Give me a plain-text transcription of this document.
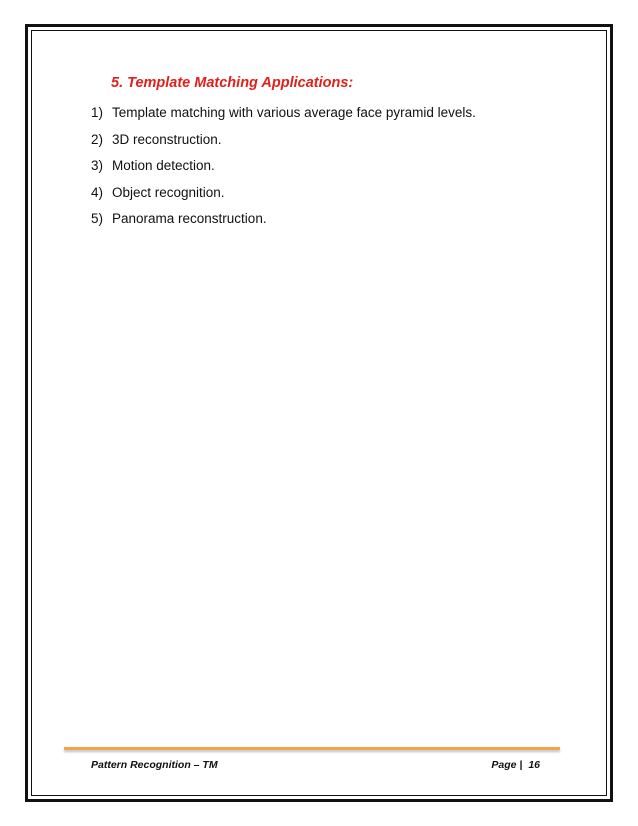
5. Template Matching Applications:
1) Template matching with various average face pyramid levels.
2) 3D reconstruction.
3) Motion detection.
4) Object recognition.
5) Panorama reconstruction.
Pattern Recognition – TM	Page | 16
